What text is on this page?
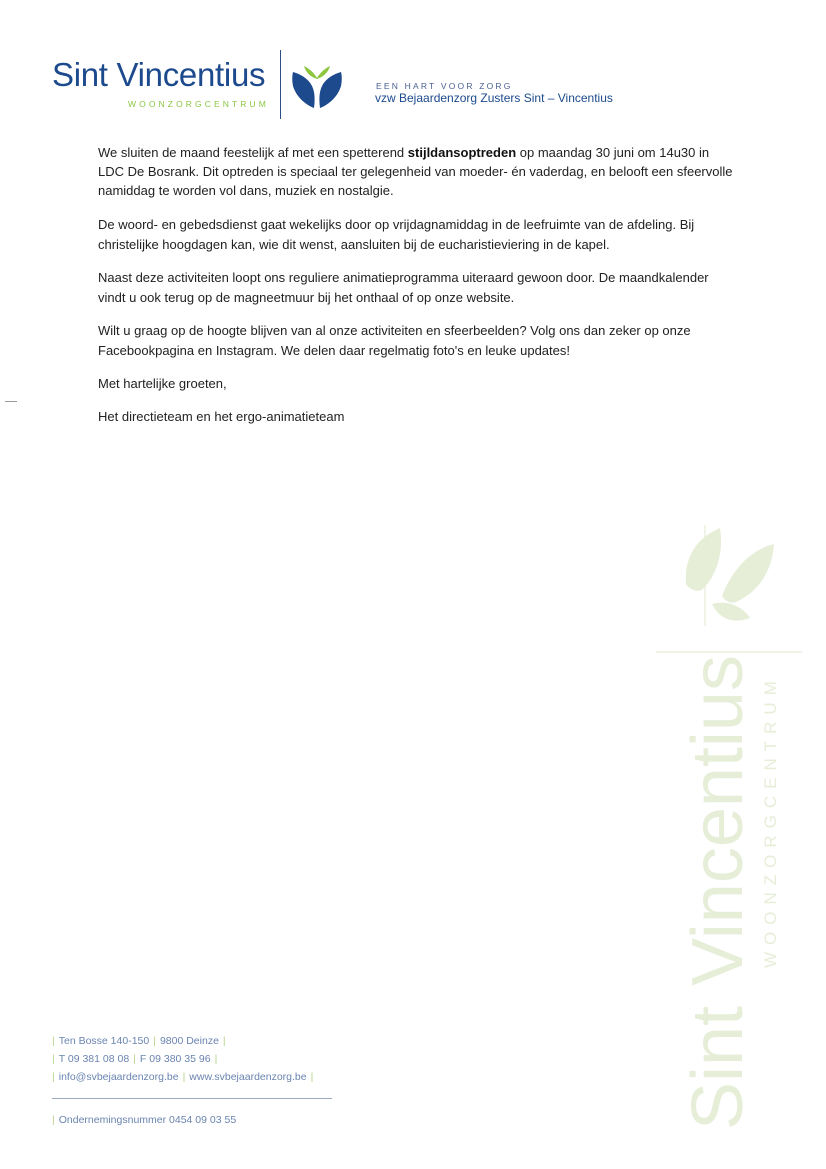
Sint Vincentius
WOONZORGCENTRUM
EEN HART VOOR ZORG
vzw Bejaardenzorg Zusters Sint – Vincentius

We sluiten de maand feestelijk af met een spetterend stijldansoptreden op maandag 30 juni om 14u30 in LDC De Bosrank. Dit optreden is speciaal ter gelegenheid van moeder- én vaderdag, en belooft een sfeervolle namiddag te worden vol dans, muziek en nostalgie.

De woord- en gebedsdienst gaat wekelijks door op vrijdagnamiddag in de leefruimte van de afdeling. Bij christelijke hoogdagen kan, wie dit wenst, aansluiten bij de eucharistieviering in de kapel.

Naast deze activiteiten loopt ons reguliere animatieprogramma uiteraard gewoon door. De maandkalender vindt u ook terug op de magneetmuur bij het onthaal of op onze website.

Wilt u graag op de hoogte blijven van al onze activiteiten en sfeerbeelden? Volg ons dan zeker op onze Facebookpagina en Instagram. We delen daar regelmatig foto's en leuke updates!

Met hartelijke groeten,

Het directieteam en het ergo-animatieteam

| Ten Bosse 140-150 | 9800 Deinze |
| T 09 381 08 08 | F 09 380 35 96 |
| info@svbejaardenzorg.be | www.svbejaardenzorg.be |
| Ondernemingsnummer 0454 09 03 55	Sint Vincentius WOONZORGCENTRUM
